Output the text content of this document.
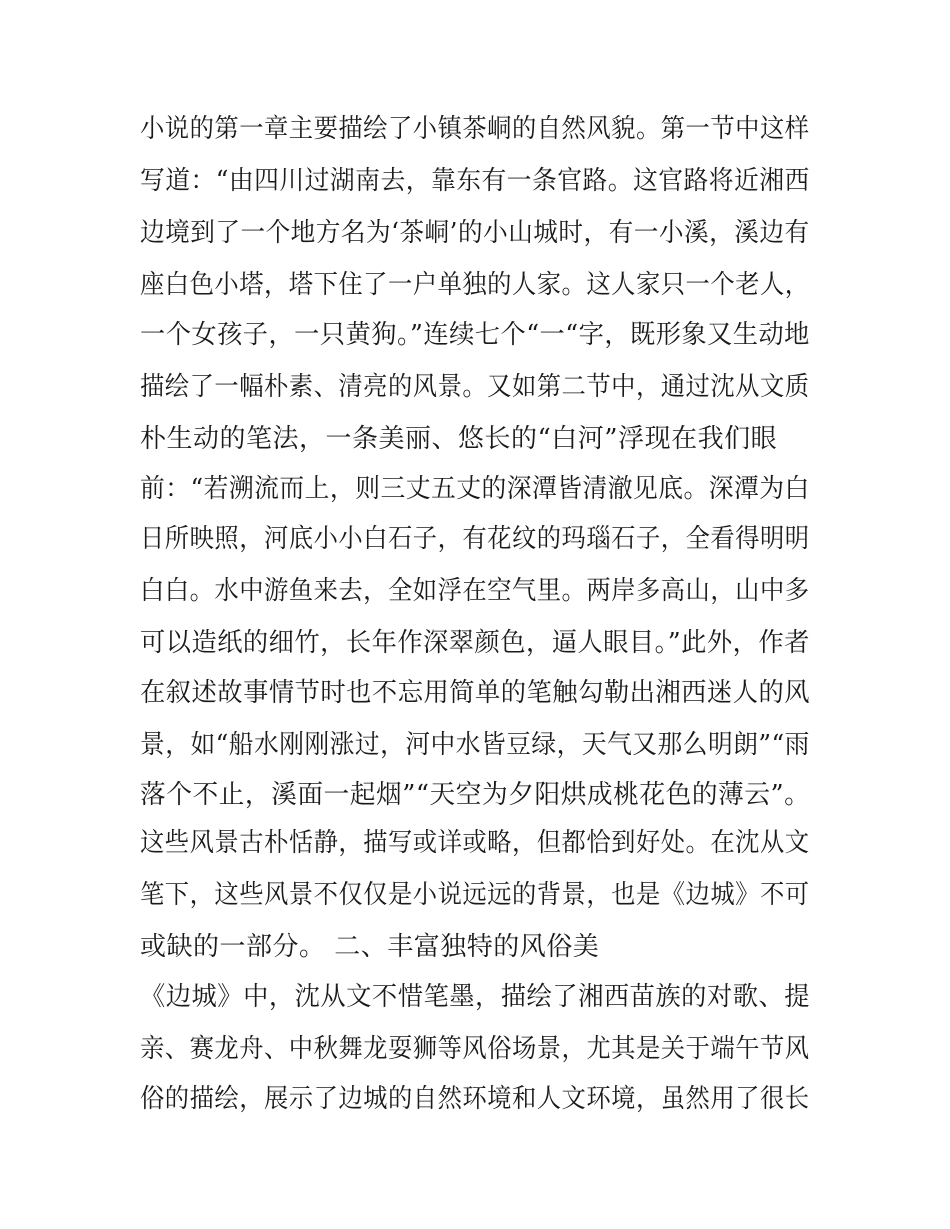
小说的第一章主要描绘了小镇茶峒的自然风貌。第一节中这样
写道：“由四川过湖南去，靠东有一条官路。这官路将近湘西
边境到了一个地方名为‘茶峒’的小山城时，有一小溪，溪边有
座白色小塔，塔下住了一户单独的人家。这人家只一个老人，
一个女孩子，一只黄狗。”连续七个“一“字，既形象又生动地
描绘了一幅朴素、清亮的风景。又如第二节中，通过沈从文质
朴生动的笔法，一条美丽、悠长的“白河”浮现在我们眼
前：“若溯流而上，则三丈五丈的深潭皆清澈见底。深潭为白
日所映照，河底小小白石子，有花纹的玛瑙石子，全看得明明
白白。水中游鱼来去，全如浮在空气里。两岸多高山，山中多
可以造纸的细竹，长年作深翠颜色，逼人眼目。”此外，作者
在叙述故事情节时也不忘用简单的笔触勾勒出湘西迷人的风
景，如“船水刚刚涨过，河中水皆豆绿，天气又那么明朗”“雨
落个不止，溪面一起烟”“天空为夕阳烘成桃花色的薄云”。
这些风景古朴恬静，描写或详或略，但都恰到好处。在沈从文
笔下，这些风景不仅仅是小说远远的背景，也是《边城》不可
或缺的一部分。 二、丰富独特的风俗美
《边城》中，沈从文不惜笔墨，描绘了湘西苗族的对歌、提
亲、赛龙舟、中秋舞龙耍狮等风俗场景，尤其是关于端午节风
俗的描绘，展示了边城的自然环境和人文环境，虽然用了很长
